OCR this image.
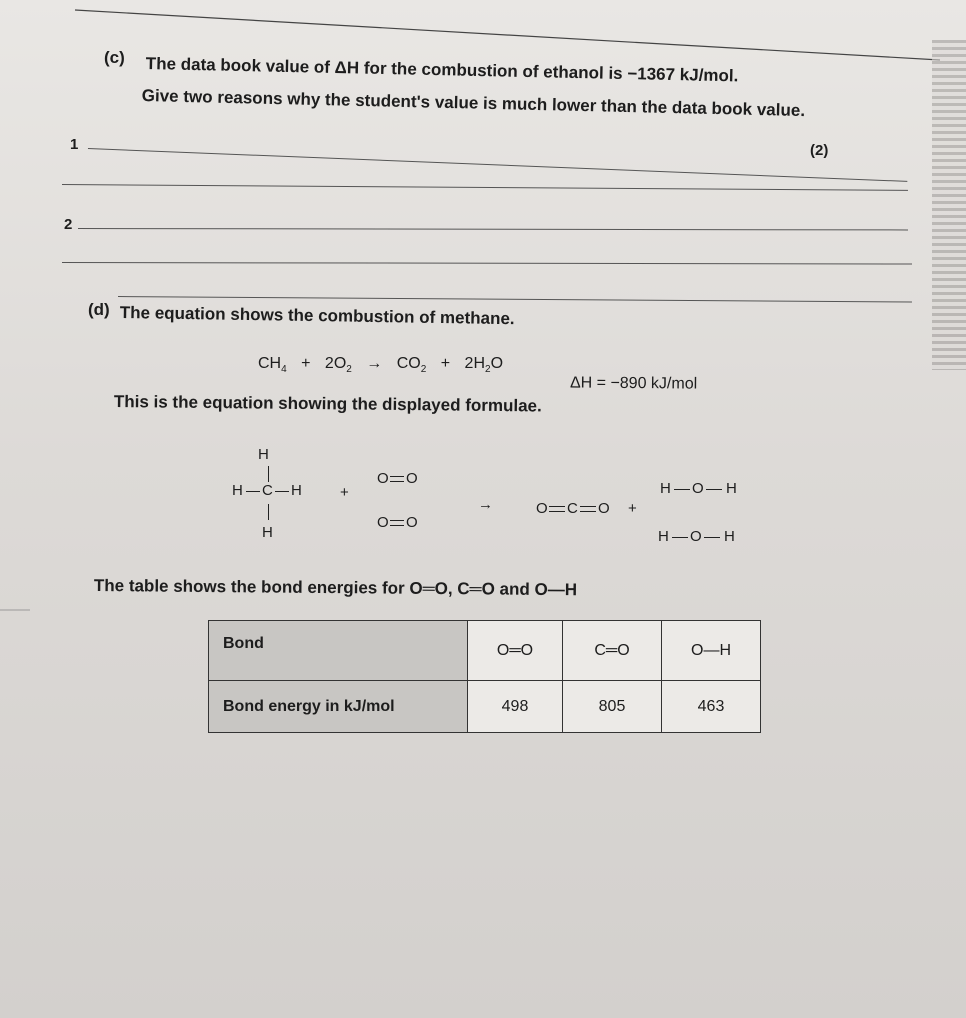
(c) The data book value of ΔH for the combustion of ethanol is −1367 kJ/mol.
Give two reasons why the student's value is much lower than the data book value.
(2)
1
2
(d) The equation shows the combustion of methane.
$CH_4 + 2O_2 \to CO_2 + 2H_2O$
ΔH = −890 kJ/mol
This is the equation showing the displayed formulae.
H
H C H
H
+
O O
O O
→	O C O +
H O H
H O H
The table shows the bond energies for O═O, C═O and O—H
Bond	O═O	C═O	O—H
Bond energy in kJ/mol	498	805	463
